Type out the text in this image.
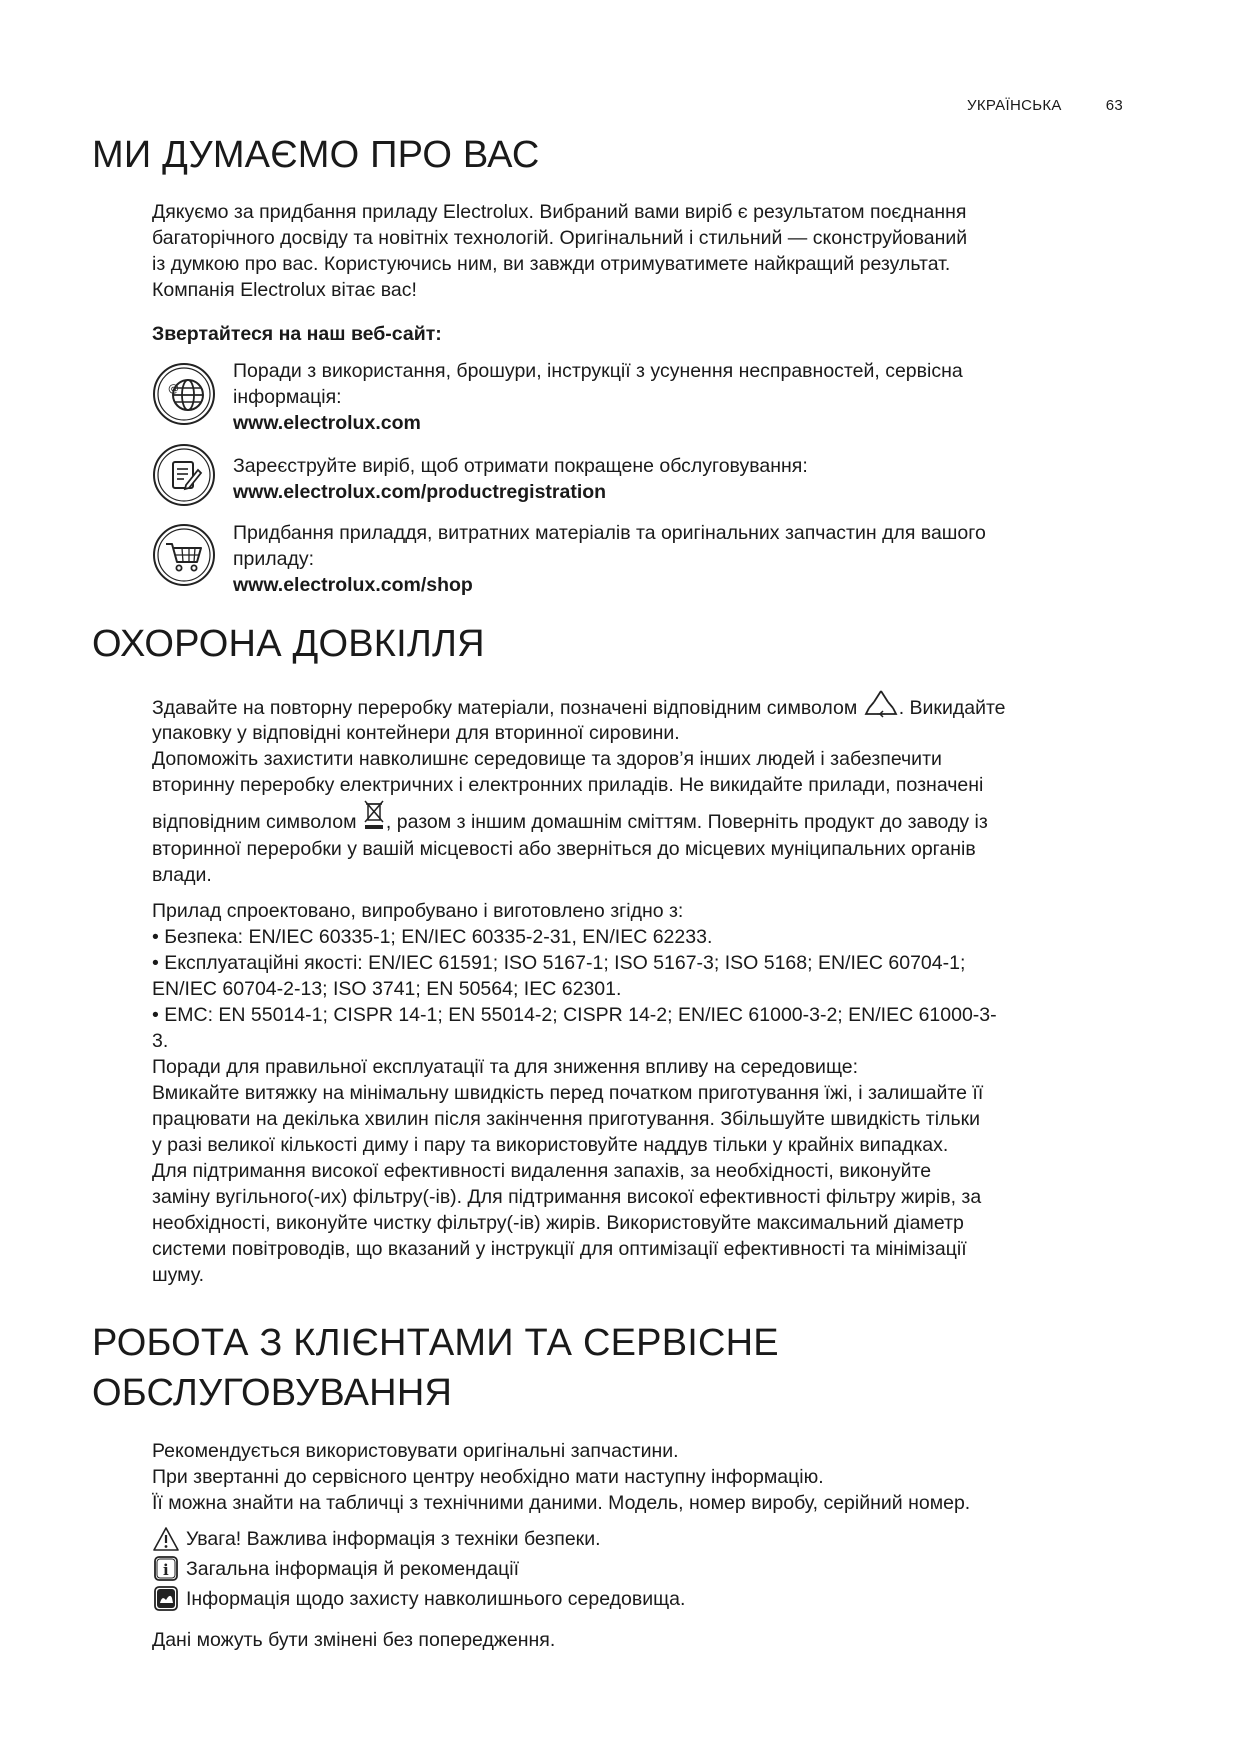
УКРАЇНСЬКА	63
МИ ДУМАЄМО ПРО ВАС

Дякуємо за придбання приладу Electrolux. Вибраний вами виріб є результатом поєднання

багаторічного досвіду та новітніх технологій. Оригінальний і стильний — сконструйований

із думкою про вас. Користуючись ним, ви завжди отримуватимете найкращий результат.

Компанія Electrolux вітає вас!

Звертайтеся на наш веб-сайт:

@
Поради з використання, брошури, інструкції з усунення несправностей, сервісна
інформація:
www.electrolux.com
Зареєструйте виріб, щоб отримати покращене обслуговування:
www.electrolux.com/productregistration
Придбання приладдя, витратних матеріалів та оригінальних запчастин для вашого
приладу:
www.electrolux.com/shop
ОХОРОНА ДОВКІЛЛЯ
Здавайте на повторну переробку матеріали, позначені відповідним символом . Викидайте

упаковку у відповідні контейнери для вторинної сировини.

Допоможіть захистити навколишнє середовище та здоров’я інших людей і забезпечити

вторинну переробку електричних і електронних приладів. Не викидайте прилади, позначені

відповідним символом , разом з іншим домашнім сміттям. Поверніть продукт до заводу із

вторинної переробки у вашій місцевості або зверніться до місцевих муніципальних органів

влади.

Прилад спроектовано, випробувано і виготовлено згідно з:

• Безпека: EN/IEC 60335-1; EN/IEC 60335-2-31, EN/IEC 62233.

• Експлуатаційні якості: EN/IEC 61591; ISO 5167-1; ISO 5167-3; ISO 5168; EN/IEC 60704-1;

EN/IEC 60704-2-13; ISO 3741; EN 50564; IEC 62301.

• EMC: EN 55014-1; CISPR 14-1; EN 55014-2; CISPR 14-2; EN/IEC 61000-3-2; EN/IEC 61000-3-

3.

Поради для правильної експлуатації та для зниження впливу на середовище:

Вмикайте витяжку на мінімальну швидкість перед початком приготування їжі, і залишайте її

працювати на декілька хвилин після закінчення приготування. Збільшуйте швидкість тільки

у разі великої кількості диму і пару та використовуйте наддув тільки у крайніх випадках.

Для підтримання високої ефективності видалення запахів, за необхідності, виконуйте

заміну вугільного(-их) фільтру(-ів). Для підтримання високої ефективності фільтру жирів, за

необхідності, виконуйте чистку фільтру(-ів) жирів. Використовуйте максимальний діаметр

системи повітроводів, що вказаний у інструкції для оптимізації ефективності та мінімізації

шуму.

РОБОТА З КЛІЄНТАМИ ТА СЕРВІСНЕ
ОБСЛУГОВУВАННЯ

Рекомендується використовувати оригінальні запчастини.

При звертанні до сервісного центру необхідно мати наступну інформацію.

Її можна знайти на табличці з технічними даними. Модель, номер виробу, серійний номер.

Увага! Важлива інформація з техніки безпеки.
i Загальна інформація й рекомендації
Інформація щодо захисту навколишнього середовища.

Дані можуть бути змінені без попередження.
